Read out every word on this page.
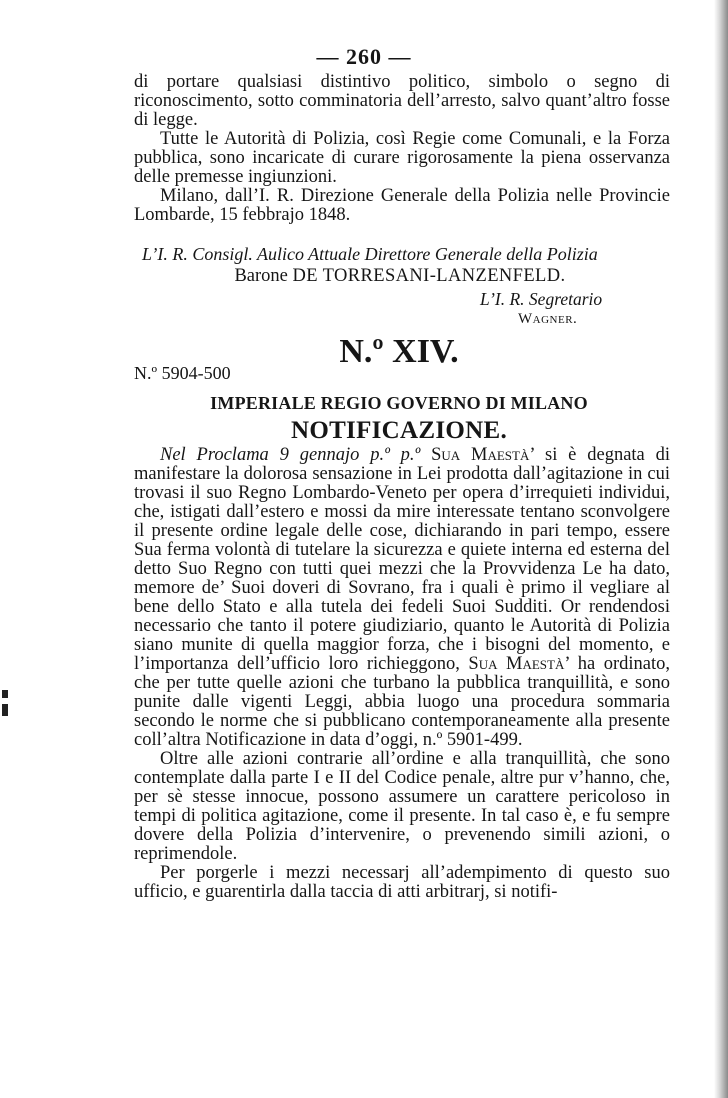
— 260 —

di portare qualsiasi distintivo politico, simbolo o segno di riconoscimento, sotto comminatoria dell’arresto, salvo quant’altro fosse di legge.

Tutte le Autorità di Polizia, così Regie come Comunali, e la Forza pubblica, sono incaricate di curare rigorosamente la piena osservanza delle premesse ingiunzioni.

Milano, dall’I. R. Direzione Generale della Polizia nelle Provincie Lombarde, 15 febbrajo 1848.

L’I. R. Consigl. Aulico Attuale Direttore Generale della Polizia
Barone DE TORRESANI-LANZENFELD.
L’I. R. Segretario
Wagner.
N.º XIV.
N.º 5904-500
IMPERIALE REGIO GOVERNO DI MILANO
NOTIFICAZIONE.

Nel Proclama 9 gennajo p.º p.º Sua Maestà’ si è degnata di manifestare la dolorosa sensazione in Lei prodotta dall’agitazione in cui trovasi il suo Regno Lombardo-Veneto per opera d’irrequieti individui, che, istigati dall’estero e mossi da mire interessate tentano sconvolgere il presente ordine legale delle cose, dichiarando in pari tempo, essere Sua ferma volontà di tutelare la sicurezza e quiete interna ed esterna del detto Suo Regno con tutti quei mezzi che la Provvidenza Le ha dato, memore de’ Suoi doveri di Sovrano, fra i quali è primo il vegliare al bene dello Stato e alla tutela dei fedeli Suoi Sudditi. Or rendendosi necessario che tanto il potere giudiziario, quanto le Autorità di Polizia siano munite di quella maggior forza, che i bisogni del momento, e l’importanza dell’ufficio loro richieggono, Sua Maestà’ ha ordinato, che per tutte quelle azioni che turbano la pubblica tranquillità, e sono punite dalle vigenti Leggi, abbia luogo una procedura sommaria secondo le norme che si pubblicano contemporaneamente alla presente coll’altra Notificazione in data d’oggi, n.º 5901-499.

Oltre alle azioni contrarie all’ordine e alla tranquillità, che sono contemplate dalla parte I e II del Codice penale, altre pur v’hanno, che, per sè stesse innocue, possono assumere un carattere pericoloso in tempi di politica agitazione, come il presente. In tal caso è, e fu sempre dovere della Polizia d’intervenire, o prevenendo simili azioni, o reprimendole.

Per porgerle i mezzi necessarj all’adempimento di questo suo ufficio, e guarentirla dalla taccia di atti arbitrarj, si notifi-
